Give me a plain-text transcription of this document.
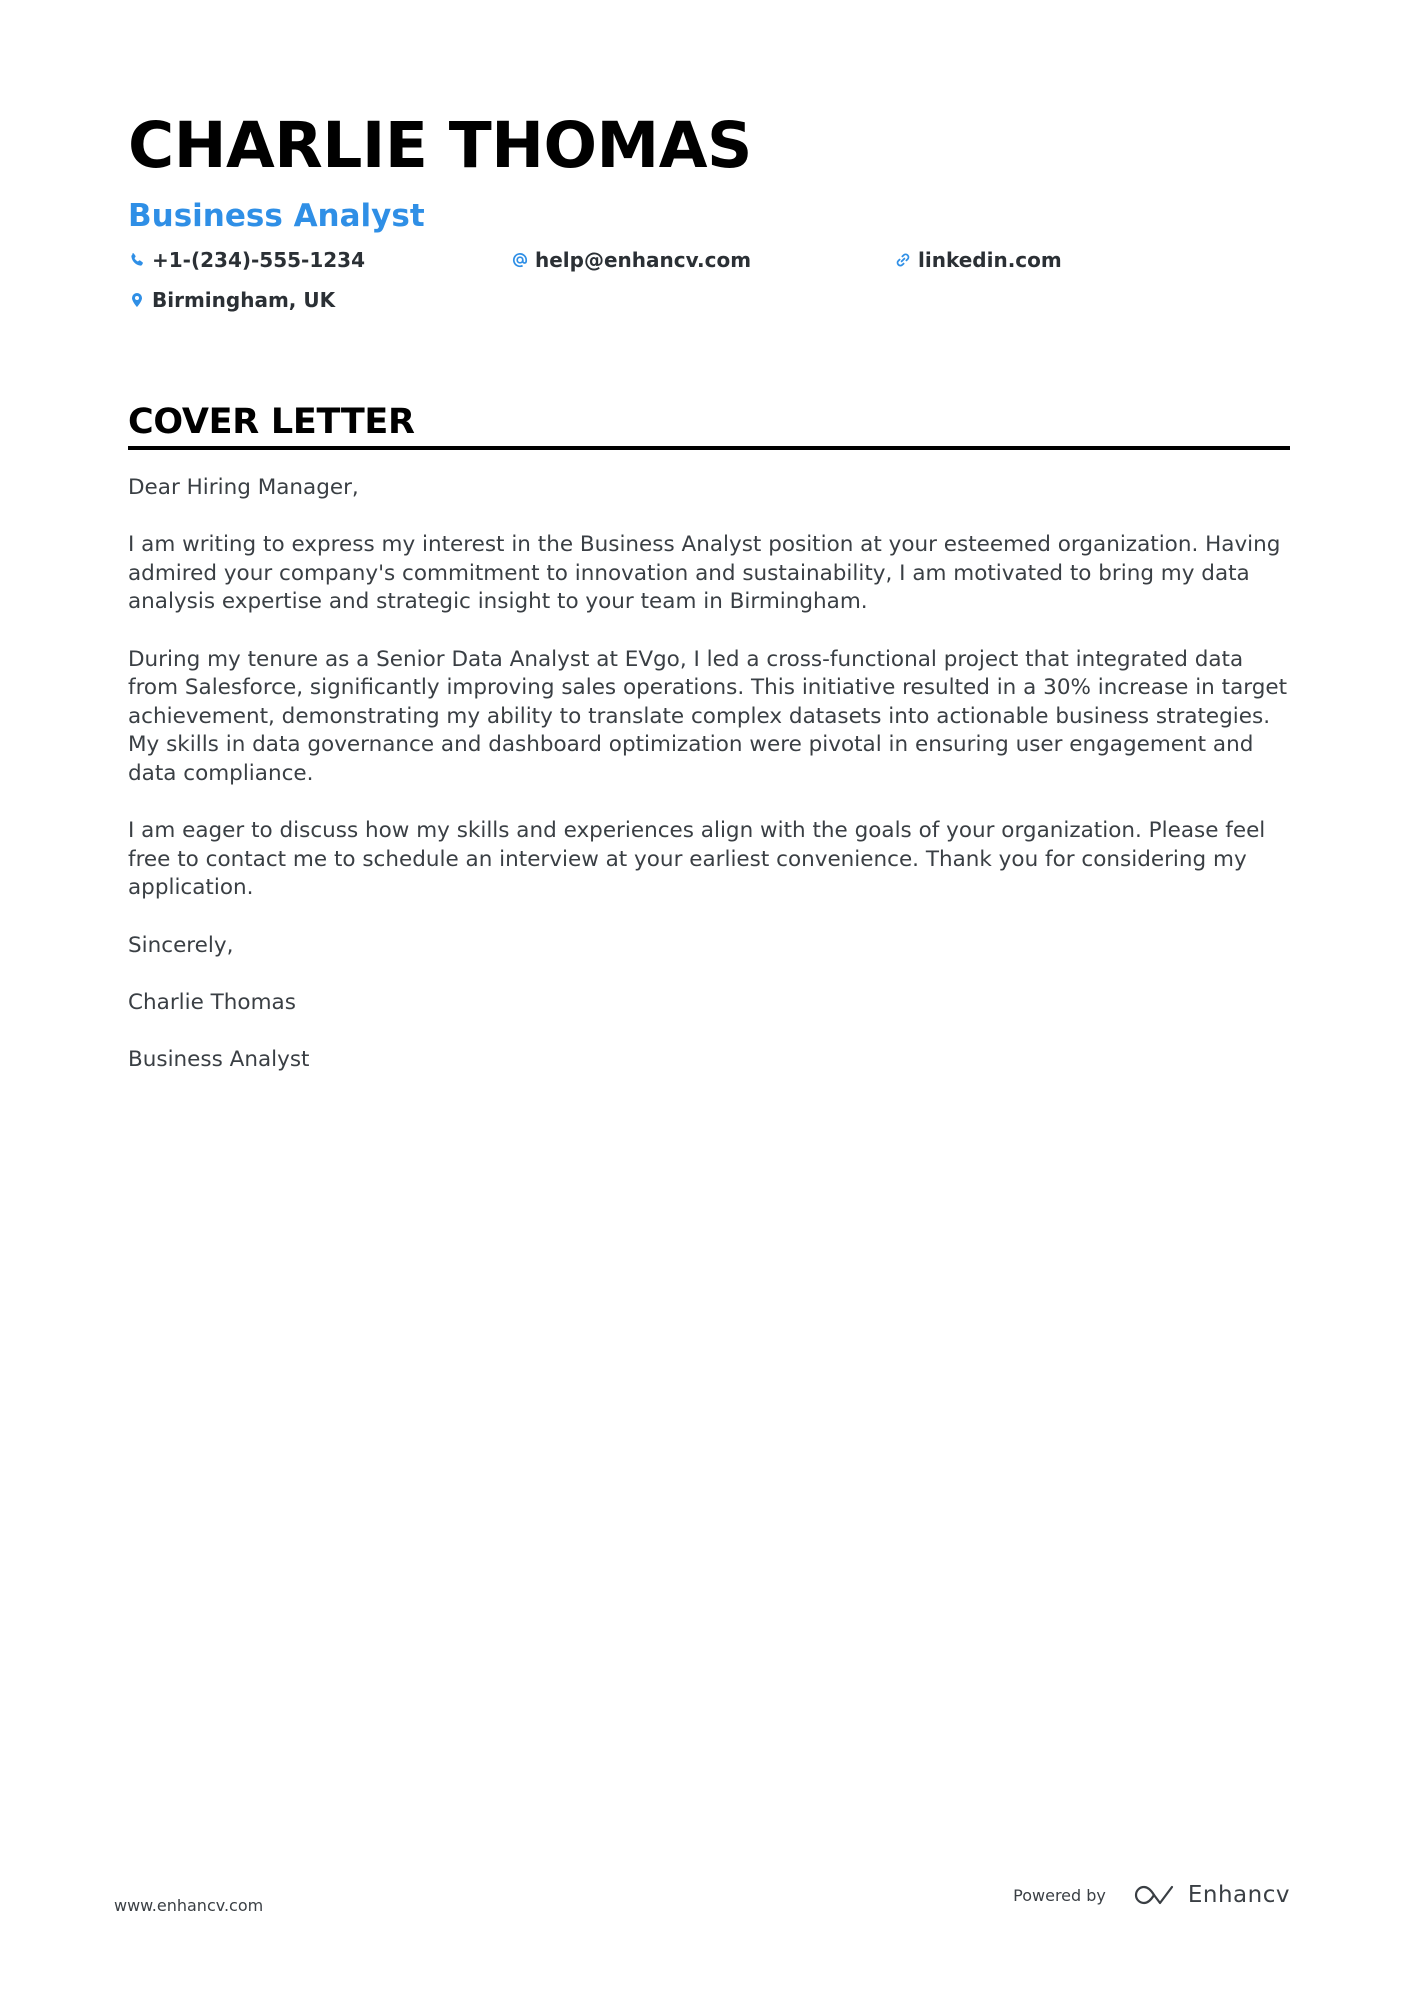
CHARLIE THOMAS
Business Analyst
+1-(234)-555-1234	help@enhancv.com	linkedin.com
Birmingham, UK
COVER LETTER

Dear Hiring Manager,

I am writing to express my interest in the Business Analyst position at your esteemed organization. Having admired your company's commitment to innovation and sustainability, I am motivated to bring my data analysis expertise and strategic insight to your team in Birmingham.

During my tenure as a Senior Data Analyst at EVgo, I led a cross-functional project that integrated data from Salesforce, significantly improving sales operations. This initiative resulted in a 30% increase in target achievement, demonstrating my ability to translate complex datasets into actionable business strategies. My skills in data governance and dashboard optimization were pivotal in ensuring user engagement and data compliance.

I am eager to discuss how my skills and experiences align with the goals of your organization. Please feel free to contact me to schedule an interview at your earliest convenience. Thank you for considering my application.

Sincerely,

Charlie Thomas

Business Analyst

www.enhancv.com
Powered by	Enhancv
